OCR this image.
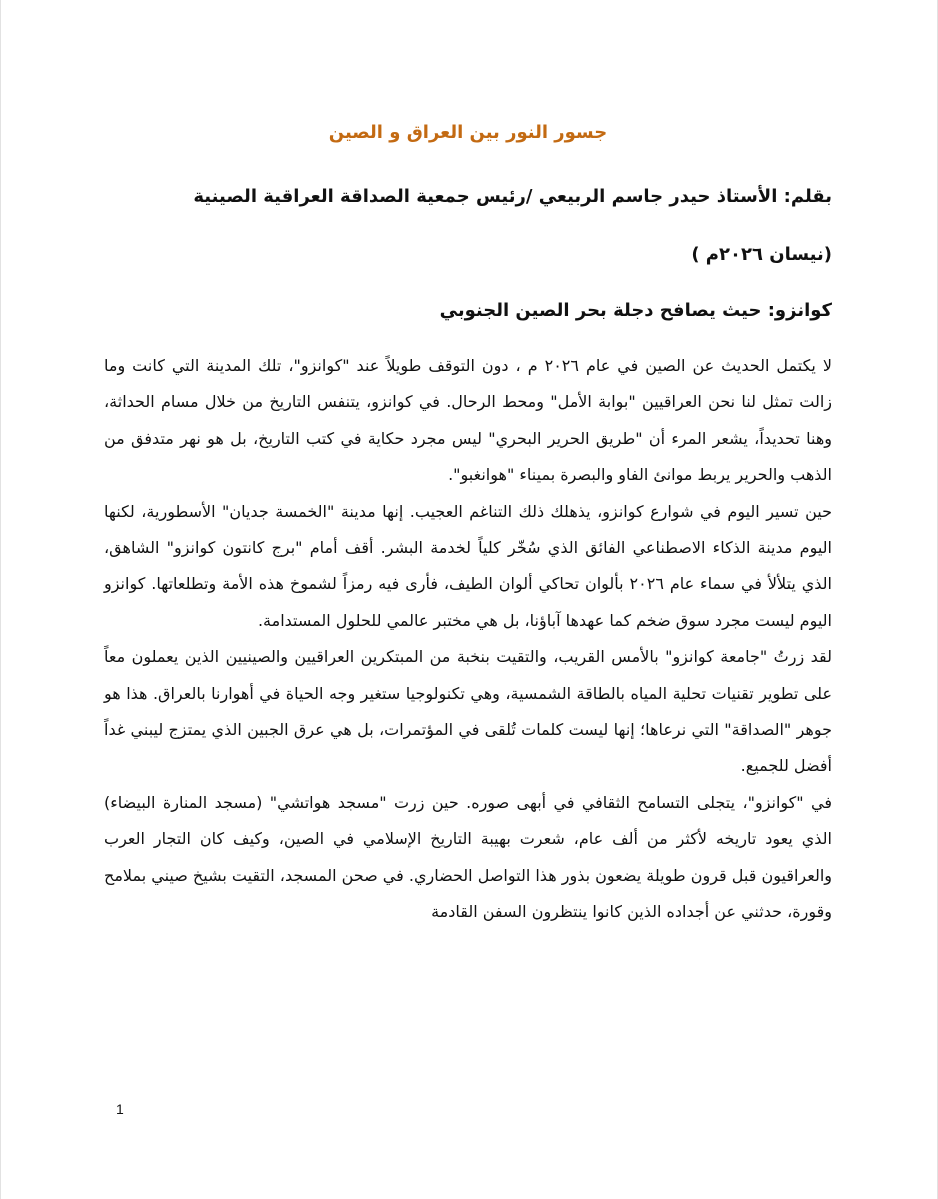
جسور النور بين العراق و الصين
بقلم: الأستاذ حيدر جاسم الربيعي /رئيس جمعية الصداقة العراقية الصينية
(نيسان ٢٠٢٦م )
كوانزو: حيث يصافح دجلة بحر الصين الجنوبي

لا يكتمل الحديث عن الصين في عام ٢٠٢٦ م ، دون التوقف طويلاً عند "كوانزو"، تلك المدينة التي كانت وما زالت تمثل لنا نحن العراقيين "بوابة الأمل" ومحط الرحال. في كوانزو، يتنفس التاريخ من خلال مسام الحداثة، وهنا تحديداً، يشعر المرء أن "طريق الحرير البحري" ليس مجرد حكاية في كتب التاريخ، بل هو نهر متدفق من الذهب والحرير يربط موانئ الفاو والبصرة بميناء "هوانغبو".

حين تسير اليوم في شوارع كوانزو، يذهلك ذلك التناغم العجيب. إنها مدينة "الخمسة جديان" الأسطورية، لكنها اليوم مدينة الذكاء الاصطناعي الفائق الذي سُخّر كلياً لخدمة البشر. أقف أمام "برج كانتون كوانزو" الشاهق، الذي يتلألأ في سماء عام ٢٠٢٦ بألوان تحاكي ألوان الطيف، فأرى فيه رمزاً لشموخ هذه الأمة وتطلعاتها. كوانزو اليوم ليست مجرد سوق ضخم كما عهدها آباؤنا، بل هي مختبر عالمي للحلول المستدامة.

لقد زرتُ "جامعة كوانزو" بالأمس القريب، والتقيت بنخبة من المبتكرين العراقيين والصينيين الذين يعملون معاً على تطوير تقنيات تحلية المياه بالطاقة الشمسية، وهي تكنولوجيا ستغير وجه الحياة في أهوارنا بالعراق. هذا هو جوهر "الصداقة" التي نرعاها؛ إنها ليست كلمات تُلقى في المؤتمرات، بل هي عرق الجبين الذي يمتزج ليبني غداً أفضل للجميع.

في "كوانزو"، يتجلى التسامح الثقافي في أبهى صوره. حين زرت "مسجد هواتشي" (مسجد المنارة البيضاء) الذي يعود تاريخه لأكثر من ألف عام، شعرت بهيبة التاريخ الإسلامي في الصين، وكيف كان التجار العرب والعراقيون قبل قرون طويلة يضعون بذور هذا التواصل الحضاري. في صحن المسجد، التقيت بشيخ صيني بملامح وقورة، حدثني عن أجداده الذين كانوا ينتظرون السفن القادمة

1
